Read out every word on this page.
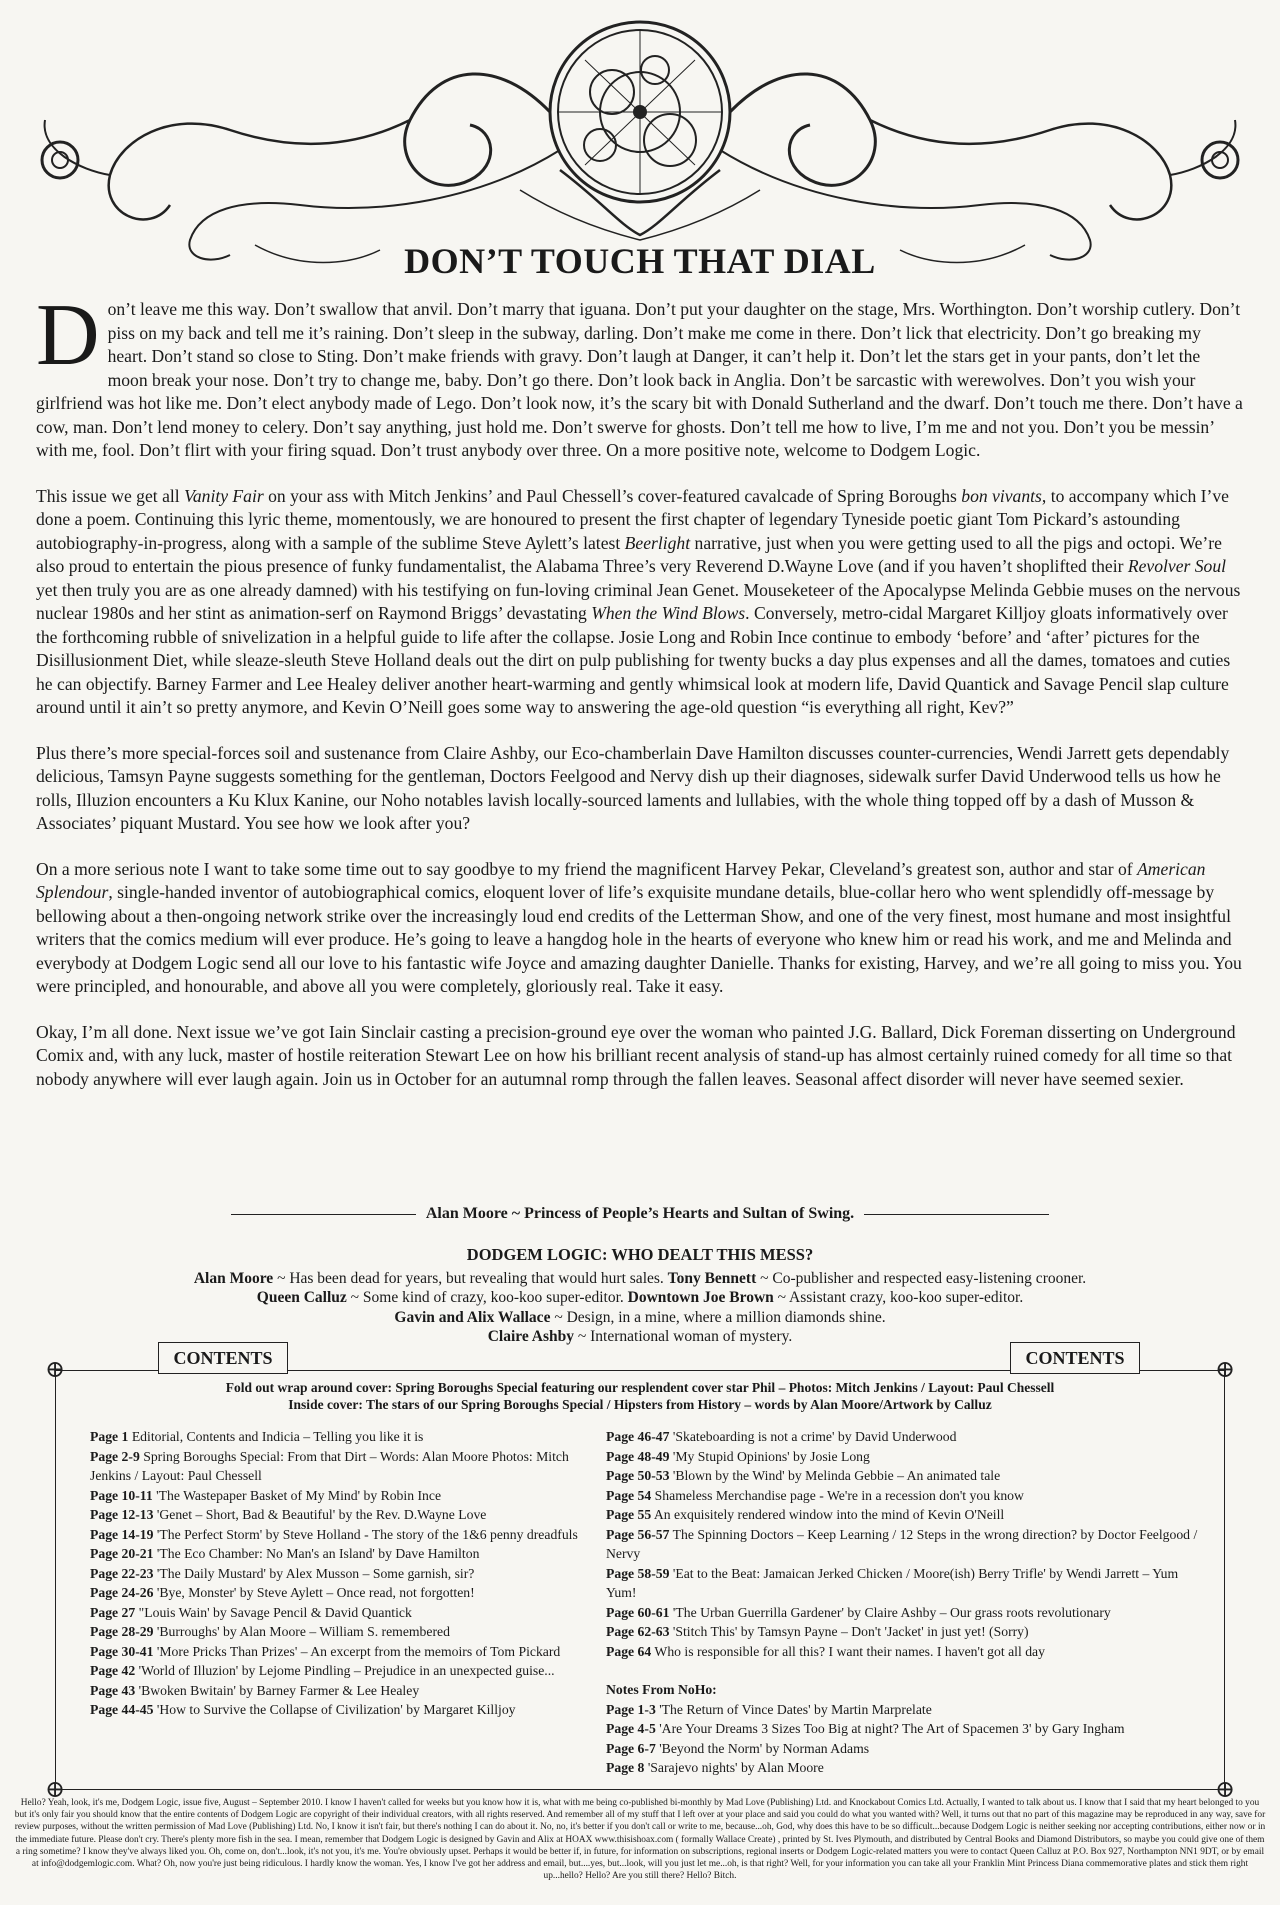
DON’T TOUCH THAT DIAL

Don’t leave me this way. Don’t swallow that anvil. Don’t marry that iguana. Don’t put your daughter on the stage, Mrs. Worthington. Don’t worship cutlery. Don’t piss on my back and tell me it’s raining. Don’t sleep in the subway, darling. Don’t make me come in there. Don’t lick that electricity. Don’t go breaking my heart. Don’t stand so close to Sting. Don’t make friends with gravy. Don’t laugh at Danger, it can’t help it. Don’t let the stars get in your pants, don’t let the moon break your nose. Don’t try to change me, baby. Don’t go there. Don’t look back in Anglia. Don’t be sarcastic with werewolves. Don’t you wish your girlfriend was hot like me. Don’t elect anybody made of Lego. Don’t look now, it’s the scary bit with Donald Sutherland and the dwarf. Don’t touch me there. Don’t have a cow, man. Don’t lend money to celery. Don’t say anything, just hold me. Don’t swerve for ghosts. Don’t tell me how to live, I’m me and not you. Don’t you be messin’ with me, fool. Don’t flirt with your firing squad. Don’t trust anybody over three. On a more positive note, welcome to Dodgem Logic.

This issue we get all Vanity Fair on your ass with Mitch Jenkins’ and Paul Chessell’s cover-featured cavalcade of Spring Boroughs bon vivants, to accompany which I’ve done a poem. Continuing this lyric theme, momentously, we are honoured to present the first chapter of legendary Tyneside poetic giant Tom Pickard’s astounding autobiography-in-progress, along with a sample of the sublime Steve Aylett’s latest Beerlight narrative, just when you were getting used to all the pigs and octopi. We’re also proud to entertain the pious presence of funky fundamentalist, the Alabama Three’s very Reverend D.Wayne Love (and if you haven’t shoplifted their Revolver Soul yet then truly you are as one already damned) with his testifying on fun-loving criminal Jean Genet. Mouseketeer of the Apocalypse Melinda Gebbie muses on the nervous nuclear 1980s and her stint as animation-serf on Raymond Briggs’ devastating When the Wind Blows. Conversely, metro-cidal Margaret Killjoy gloats informatively over the forthcoming rubble of snivelization in a helpful guide to life after the collapse. Josie Long and Robin Ince continue to embody ‘before’ and ‘after’ pictures for the Disillusionment Diet, while sleaze-sleuth Steve Holland deals out the dirt on pulp publishing for twenty bucks a day plus expenses and all the dames, tomatoes and cuties he can objectify. Barney Farmer and Lee Healey deliver another heart-warming and gently whimsical look at modern life, David Quantick and Savage Pencil slap culture around until it ain’t so pretty anymore, and Kevin O’Neill goes some way to answering the age-old question “is everything all right, Kev?”

Plus there’s more special-forces soil and sustenance from Claire Ashby, our Eco-chamberlain Dave Hamilton discusses counter-currencies, Wendi Jarrett gets dependably delicious, Tamsyn Payne suggests something for the gentleman, Doctors Feelgood and Nervy dish up their diagnoses, sidewalk surfer David Underwood tells us how he rolls, Illuzion encounters a Ku Klux Kanine, our Noho notables lavish locally-sourced laments and lullabies, with the whole thing topped off by a dash of Musson & Associates’ piquant Mustard. You see how we look after you?

On a more serious note I want to take some time out to say goodbye to my friend the magnificent Harvey Pekar, Cleveland’s greatest son, author and star of American Splendour, single-handed inventor of autobiographical comics, eloquent lover of life’s exquisite mundane details, blue-collar hero who went splendidly off-message by bellowing about a then-ongoing network strike over the increasingly loud end credits of the Letterman Show, and one of the very finest, most humane and most insightful writers that the comics medium will ever produce. He’s going to leave a hangdog hole in the hearts of everyone who knew him or read his work, and me and Melinda and everybody at Dodgem Logic send all our love to his fantastic wife Joyce and amazing daughter Danielle. Thanks for existing, Harvey, and we’re all going to miss you. You were principled, and honourable, and above all you were completely, gloriously real. Take it easy.

Okay, I’m all done. Next issue we’ve got Iain Sinclair casting a precision-ground eye over the woman who painted J.G. Ballard, Dick Foreman disserting on Underground Comix and, with any luck, master of hostile reiteration Stewart Lee on how his brilliant recent analysis of stand-up has almost certainly ruined comedy for all time so that nobody anywhere will ever laugh again. Join us in October for an autumnal romp through the fallen leaves. Seasonal affect disorder will never have seemed sexier.

Alan Moore ~ Princess of People’s Hearts and Sultan of Swing.
DODGEM LOGIC: WHO DEALT THIS MESS?
Alan Moore ~ Has been dead for years, but revealing that would hurt sales. Tony Bennett ~ Co-publisher and respected easy-listening crooner.
Queen Calluz ~ Some kind of crazy, koo-koo super-editor. Downtown Joe Brown ~ Assistant crazy, koo-koo super-editor.
Gavin and Alix Wallace ~ Design, in a mine, where a million diamonds shine.
Claire Ashby ~ International woman of mystery.
CONTENTS	CONTENTS
⊕	⊕
⊕	⊕
Fold out wrap around cover: Spring Boroughs Special featuring our resplendent cover star Phil – Photos: Mitch Jenkins / Layout: Paul Chessell
Inside cover: The stars of our Spring Boroughs Special / Hipsters from History – words by Alan Moore/Artwork by Calluz

Page 1 Editorial, Contents and Indicia – Telling you like it is

Page 2-9 Spring Boroughs Special: From that Dirt – Words: Alan Moore Photos: Mitch Jenkins / Layout: Paul Chessell

Page 10-11 'The Wastepaper Basket of My Mind' by Robin Ince

Page 12-13 'Genet – Short, Bad & Beautiful' by the Rev. D.Wayne Love

Page 14-19 'The Perfect Storm' by Steve Holland - The story of the 1&6 penny dreadfuls

Page 20-21 'The Eco Chamber: No Man's an Island' by Dave Hamilton

Page 22-23 'The Daily Mustard' by Alex Musson – Some garnish, sir?

Page 24-26 'Bye, Monster' by Steve Aylett – Once read, not forgotten!

Page 27 "Louis Wain' by Savage Pencil & David Quantick

Page 28-29 'Burroughs' by Alan Moore – William S. remembered

Page 30-41 'More Pricks Than Prizes' – An excerpt from the memoirs of Tom Pickard

Page 42 'World of Illuzion' by Lejome Pindling – Prejudice in an unexpected guise...

Page 43 'Bwoken Bwitain' by Barney Farmer & Lee Healey

Page 44-45 'How to Survive the Collapse of Civilization' by Margaret Killjoy

Page 46-47 'Skateboarding is not a crime' by David Underwood

Page 48-49 'My Stupid Opinions' by Josie Long

Page 50-53 'Blown by the Wind' by Melinda Gebbie – An animated tale

Page 54 Shameless Merchandise page - We're in a recession don't you know

Page 55 An exquisitely rendered window into the mind of Kevin O'Neill

Page 56-57 The Spinning Doctors – Keep Learning / 12 Steps in the wrong direction? by Doctor Feelgood / Nervy

Page 58-59 'Eat to the Beat: Jamaican Jerked Chicken / Moore(ish) Berry Trifle' by Wendi Jarrett – Yum Yum!

Page 60-61 'The Urban Guerrilla Gardener' by Claire Ashby – Our grass roots revolutionary

Page 62-63 'Stitch This' by Tamsyn Payne – Don't 'Jacket' in just yet! (Sorry)

Page 64 Who is responsible for all this? I want their names. I haven't got all day

Notes From NoHo:

Page 1-3 'The Return of Vince Dates' by Martin Marprelate

Page 4-5 'Are Your Dreams 3 Sizes Too Big at night? The Art of Spacemen 3' by Gary Ingham

Page 6-7 'Beyond the Norm' by Norman Adams

Page 8 'Sarajevo nights' by Alan Moore

Hello? Yeah, look, it's me, Dodgem Logic, issue five, August – September 2010. I know I haven't called for weeks but you know how it is, what with me being co-published bi-monthly by Mad Love (Publishing) Ltd. and Knockabout Comics Ltd. Actually, I wanted to talk about us. I know that I said that my heart belonged to you but it's only fair you should know that the entire contents of Dodgem Logic are copyright of their individual creators, with all rights reserved. And remember all of my stuff that I left over at your place and said you could do what you wanted with? Well, it turns out that no part of this magazine may be reproduced in any way, save for review purposes, without the written permission of Mad Love (Publishing) Ltd. No, I know it isn't fair, but there's nothing I can do about it. No, no, it's better if you don't call or write to me, because...oh, God, why does this have to be so difficult...because Dodgem Logic is neither seeking nor accepting contributions, either now or in the immediate future. Please don't cry. There's plenty more fish in the sea. I mean, remember that Dodgem Logic is designed by Gavin and Alix at HOAX www.thisishoax.com ( formally Wallace Create) , printed by St. Ives Plymouth, and distributed by Central Books and Diamond Distributors, so maybe you could give one of them a ring sometime? I know they've always liked you. Oh, come on, don't...look, it's not you, it's me. You're obviously upset. Perhaps it would be better if, in future, for information on subscriptions, regional inserts or Dodgem Logic-related matters you were to contact Queen Calluz at P.O. Box 927, Northampton NN1 9DT, or by email at info@dodgemlogic.com. What? Oh, now you're just being ridiculous. I hardly know the woman. Yes, I know I've got her address and email, but....yes, but...look, will you just let me...oh, is that right? Well, for your information you can take all your Franklin Mint Princess Diana commemorative plates and stick them right up...hello? Hello? Are you still there? Hello? Bitch.
